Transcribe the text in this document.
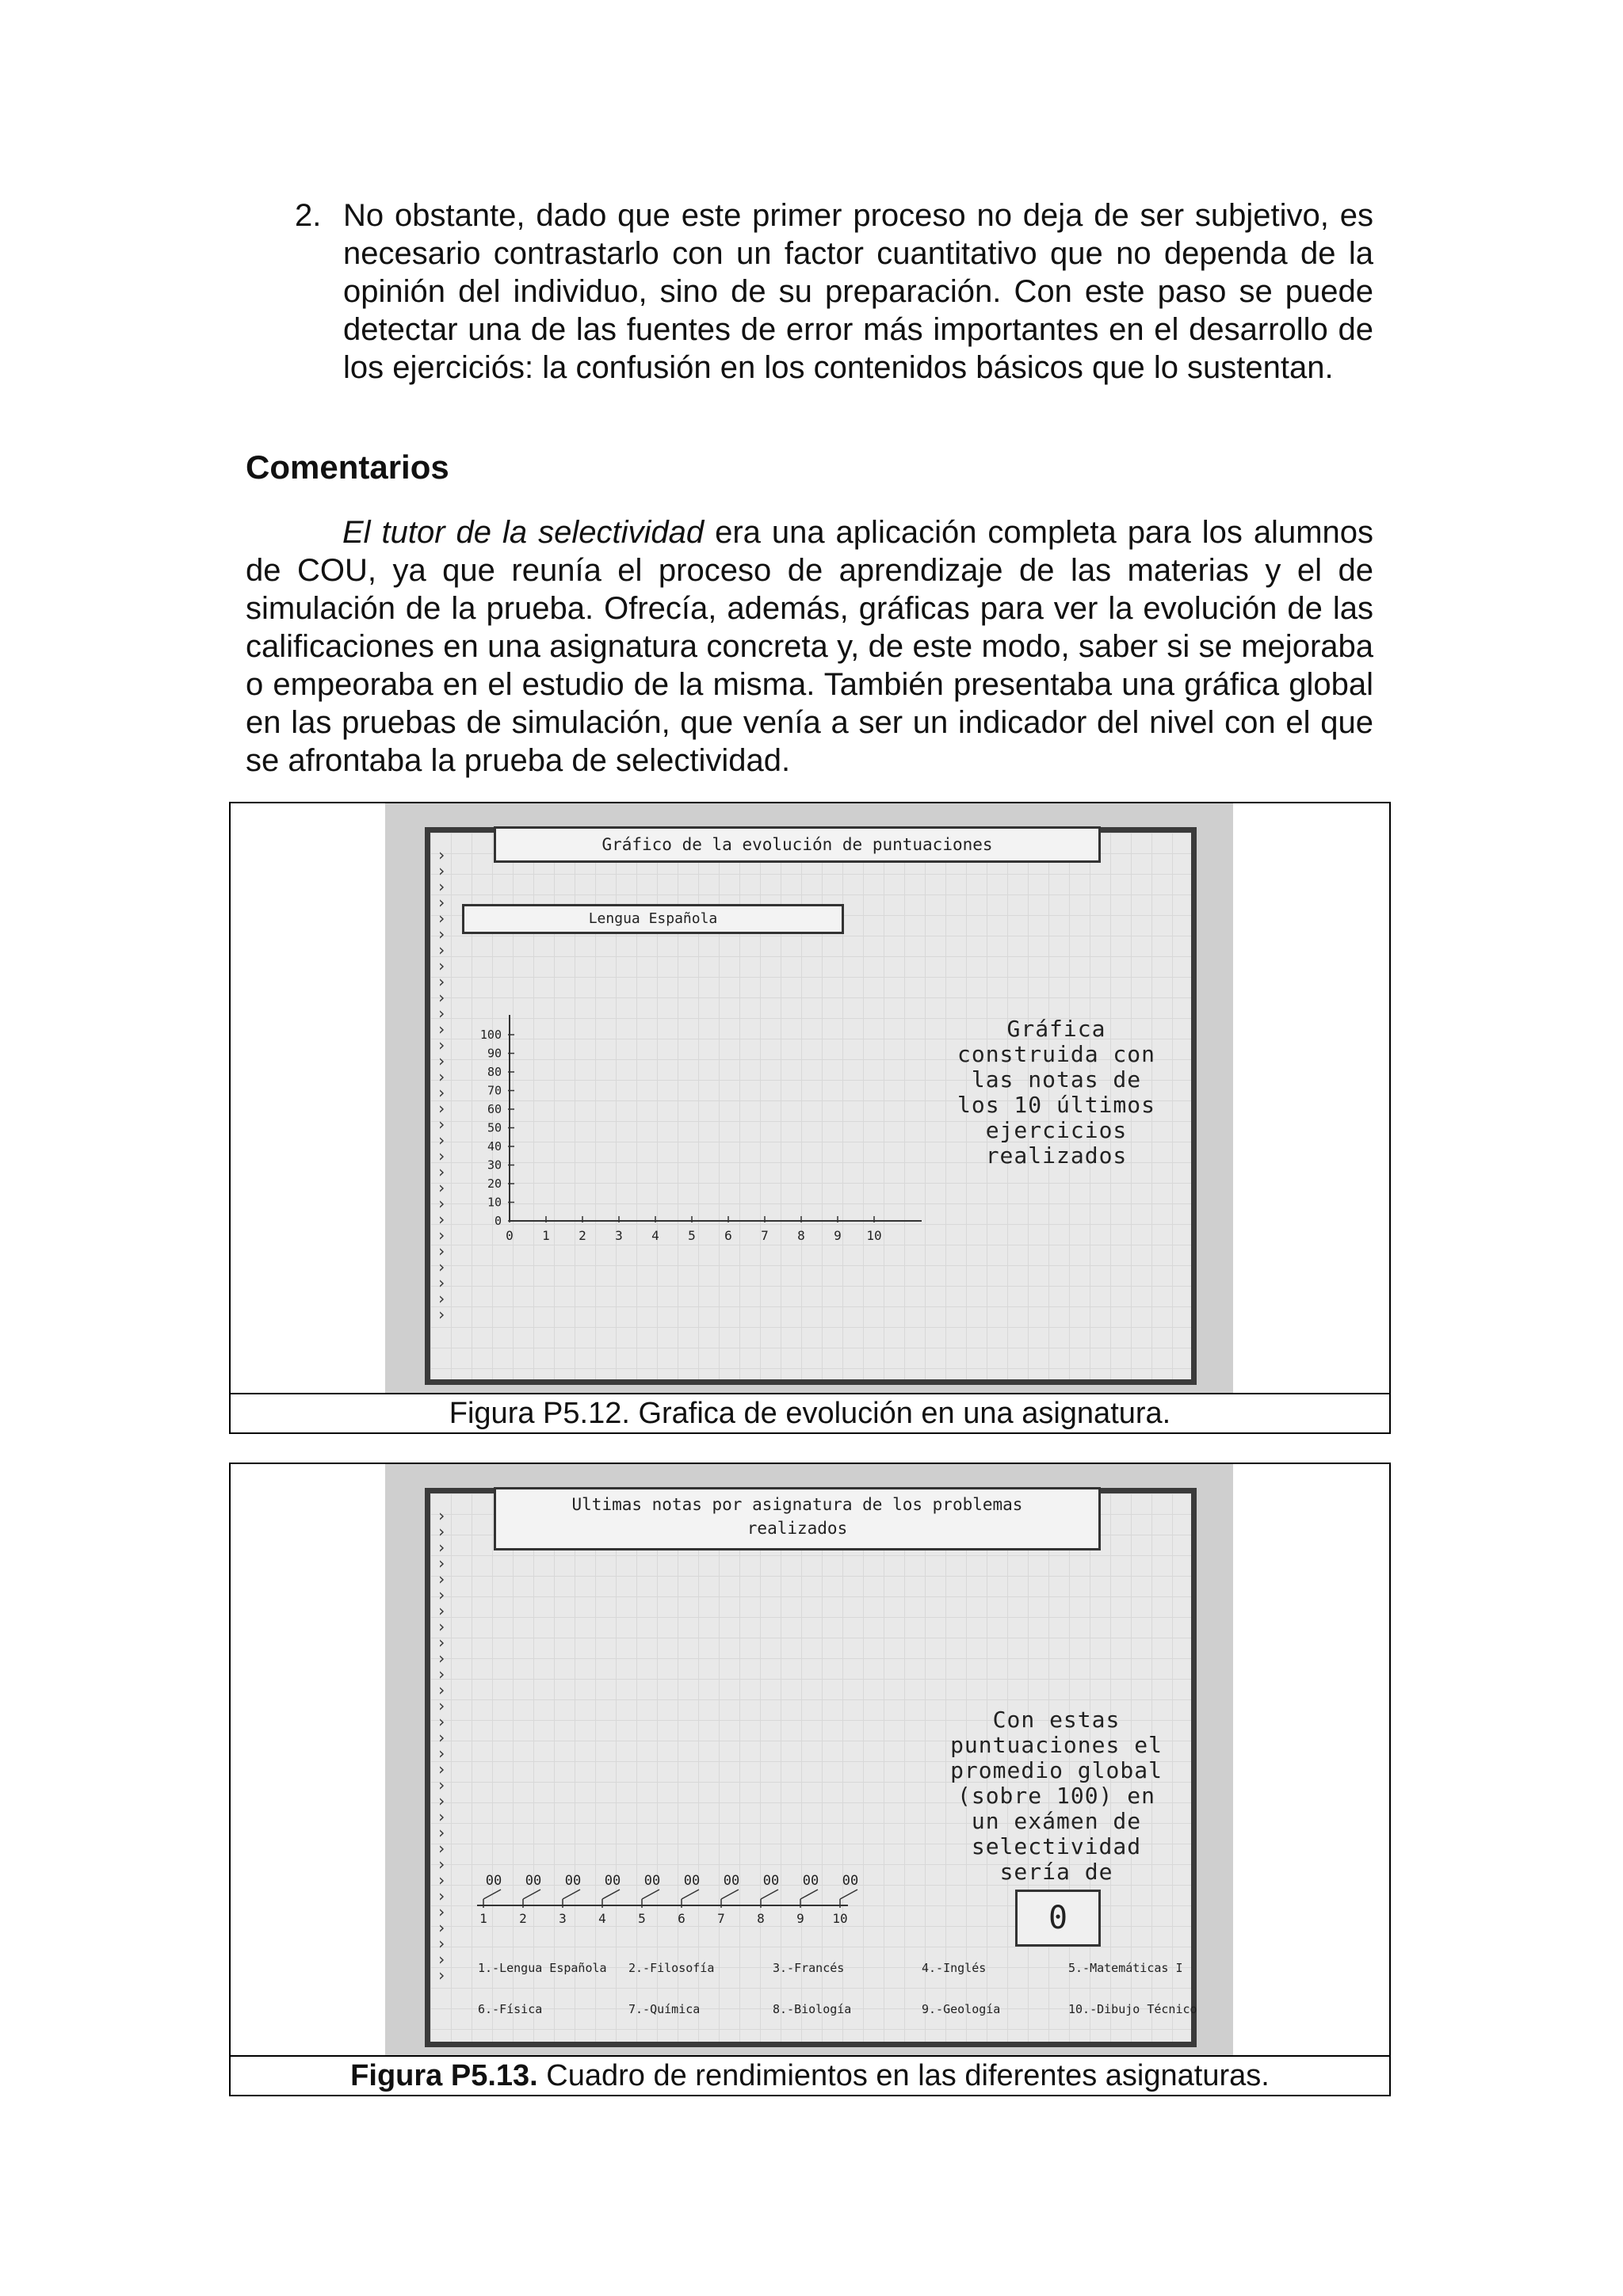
2. No obstante, dado que este primer proceso no deja de ser subjetivo, es necesario contrastarlo con un factor cuantitativo que no dependa de la opinión del individuo, sino de su preparación. Con este paso se puede detectar una de las fuentes de error más importantes en el desarrollo de los ejerciciós: la confusión en los contenidos básicos que lo sustentan.

Comentarios

El tutor de la selectividad era una aplicación completa para los alumnos de COU, ya que reunía el proceso de aprendizaje de las materias y el de simulación de la prueba. Ofrecía, además, gráficas para ver la evolución de las calificaciones en una asignatura concreta y, de este modo, saber si se mejoraba o empeoraba en el estudio de la misma. También presentaba una gráfica global en las pruebas de simulación, que venía a ser un indicador del nivel con el que se afrontaba la prueba de selectividad.

›
›
›
›
›
›
›
›
›
›
›
›
›
›
›
›
›
›
›
›
›
›
›
›
›
›
›
›
›
›
Gráfico de la evolución de puntuaciones
Lengua Española
100
90
80
70
60
50
40
30
20
10
0
0 1 2 3 4 5 6 7 8 9 10
Gráfica
construida con
las notas de
los 10 últimos
ejercicios
realizados
Figura P5.12. Grafica de evolución en una asignatura.
›
›
›
›
›
›
›
›
›
›
›
›
›
›
›
›
›
›
›
›
›
›
›
›
›
›
›
›
›
›
Ultimas notas por asignatura de los problemas
realizados
Con estas
puntuaciones el
promedio global
(sobre 100) en
un exámen de
selectividad
sería de
1
00
2
00
3
00
4
00
5
00
6
00
7
00
8
00
9
00
10
00
0
1.-Lengua Española 2.-Filosofía	3.-Francés	4.-Inglés	5.-Matemáticas I
6.-Física	7.-Química	8.-Biología	9.-Geología	10.-Dibujo Técnico
Figura P5.13. Cuadro de rendimientos en las diferentes asignaturas.
